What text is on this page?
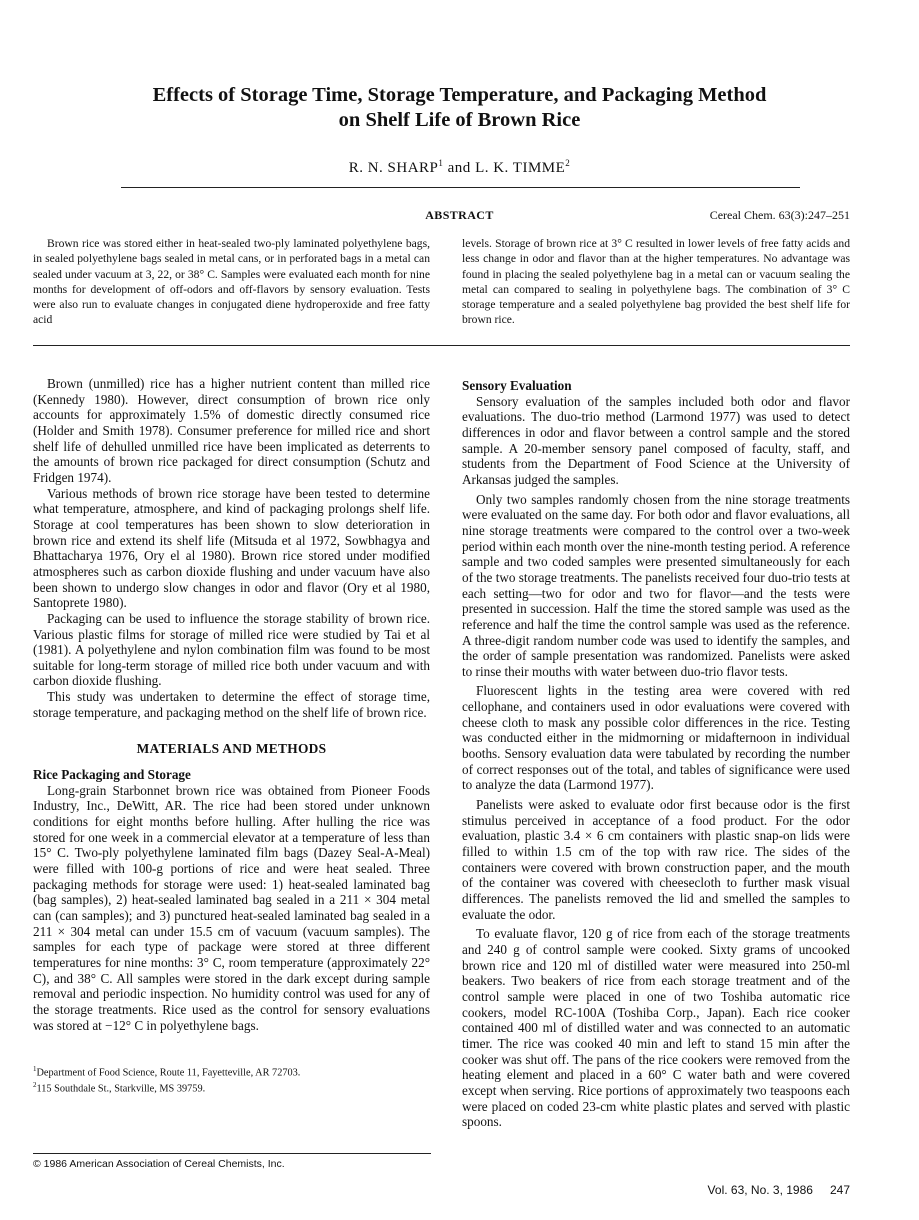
Effects of Storage Time, Storage Temperature, and Packaging Method
on Shelf Life of Brown Rice
R. N. SHARP$^1$ and L. K. TIMME$^2$
ABSTRACT	Cereal Chem. 63(3):247–251

Brown rice was stored either in heat-sealed two-ply laminated polyethylene bags, in sealed polyethylene bags sealed in metal cans, or in perforated bags in a metal can sealed under vacuum at 3, 22, or 38° C. Samples were evaluated each month for nine months for development of off-odors and off-flavors by sensory evaluation. Tests were also run to evaluate changes in conjugated diene hydroperoxide and free fatty acid

levels. Storage of brown rice at 3° C resulted in lower levels of free fatty acids and less change in odor and flavor than at the higher temperatures. No advantage was found in placing the sealed polyethylene bag in a metal can or vacuum sealing the metal can compared to sealing in polyethylene bags. The combination of 3° C storage temperature and a sealed polyethylene bag provided the best shelf life for brown rice.

Brown (unmilled) rice has a higher nutrient content than milled rice (Kennedy 1980). However, direct consumption of brown rice only accounts for approximately 1.5% of domestic directly consumed rice (Holder and Smith 1978). Consumer preference for milled rice and short shelf life of dehulled unmilled rice have been implicated as deterrents to the amounts of brown rice packaged for direct consumption (Schutz and Fridgen 1974).

Various methods of brown rice storage have been tested to determine what temperature, atmosphere, and kind of packaging prolongs shelf life. Storage at cool temperatures has been shown to slow deterioration in brown rice and extend its shelf life (Mitsuda et al 1972, Sowbhagya and Bhattacharya 1976, Ory el al 1980). Brown rice stored under modified atmospheres such as carbon dioxide flushing and under vacuum have also been shown to undergo slow changes in odor and flavor (Ory et al 1980, Santoprete 1980).

Packaging can be used to influence the storage stability of brown rice. Various plastic films for storage of milled rice were studied by Tai et al (1981). A polyethylene and nylon combination film was found to be most suitable for long-term storage of milled rice both under vacuum and with carbon dioxide flushing.

This study was undertaken to determine the effect of storage time, storage temperature, and packaging method on the shelf life of brown rice.

MATERIALS AND METHODS
Rice Packaging and Storage

Long-grain Starbonnet brown rice was obtained from Pioneer Foods Industry, Inc., DeWitt, AR. The rice had been stored under unknown conditions for eight months before hulling. After hulling the rice was stored for one week in a commercial elevator at a temperature of less than 15° C. Two-ply polyethylene laminated film bags (Dazey Seal-A-Meal) were filled with 100-g portions of rice and were heat sealed. Three packaging methods for storage were used: 1) heat-sealed laminated bag (bag samples), 2) heat-sealed laminated bag sealed in a 211 × 304 metal can (can samples); and 3) punctured heat-sealed laminated bag sealed in a 211 × 304 metal can under 15.5 cm of vacuum (vacuum samples). The samples for each type of package were stored at three different temperatures for nine months: 3° C, room temperature (approximately 22° C), and 38° C. All samples were stored in the dark except during sample removal and periodic inspection. No humidity control was used for any of the storage treatments. Rice used as the control for sensory evaluations was stored at −12° C in polyethylene bags.

$^1$Department of Food Science, Route 11, Fayetteville, AR 72703.
$^2$115 Southdale St., Starkville, MS 39759.
© 1986 American Association of Cereal Chemists, Inc.
Sensory Evaluation

Sensory evaluation of the samples included both odor and flavor evaluations. The duo-trio method (Larmond 1977) was used to detect differences in odor and flavor between a control sample and the stored sample. A 20-member sensory panel composed of faculty, staff, and students from the Department of Food Science at the University of Arkansas judged the samples.

Only two samples randomly chosen from the nine storage treatments were evaluated on the same day. For both odor and flavor evaluations, all nine storage treatments were compared to the control over a two-week period within each month over the nine-month testing period. A reference sample and two coded samples were presented simultaneously for each of the two storage treatments. The panelists received four duo-trio tests at each setting—two for odor and two for flavor—and the tests were presented in succession. Half the time the stored sample was used as the reference and half the time the control sample was used as the reference. A three-digit random number code was used to identify the samples, and the order of sample presentation was randomized. Panelists were asked to rinse their mouths with water between duo-trio flavor tests.

Fluorescent lights in the testing area were covered with red cellophane, and containers used in odor evaluations were covered with cheese cloth to mask any possible color differences in the rice. Testing was conducted either in the midmorning or midafternoon in individual booths. Sensory evaluation data were tabulated by recording the number of correct responses out of the total, and tables of significance were used to analyze the data (Larmond 1977).

Panelists were asked to evaluate odor first because odor is the first stimulus perceived in acceptance of a food product. For the odor evaluation, plastic 3.4 × 6 cm containers with plastic snap-on lids were filled to within 1.5 cm of the top with raw rice. The sides of the containers were covered with brown construction paper, and the mouth of the container was covered with cheesecloth to further mask visual differences. The panelists removed the lid and smelled the samples to evaluate the odor.

To evaluate flavor, 120 g of rice from each of the storage treatments and 240 g of control sample were cooked. Sixty grams of uncooked brown rice and 120 ml of distilled water were measured into 250-ml beakers. Two beakers of rice from each storage treatment and of the control sample were placed in one of two Toshiba automatic rice cookers, model RC-100A (Toshiba Corp., Japan). Each rice cooker contained 400 ml of distilled water and was connected to an automatic timer. The rice was cooked 40 min and left to stand 15 min after the cooker was shut off. The pans of the rice cookers were removed from the heating element and placed in a 60° C water bath and were covered except when serving. Rice portions of approximately two teaspoons each were placed on coded 23-cm white plastic plates and served with plastic spoons.

Vol. 63, No. 3, 1986 247
